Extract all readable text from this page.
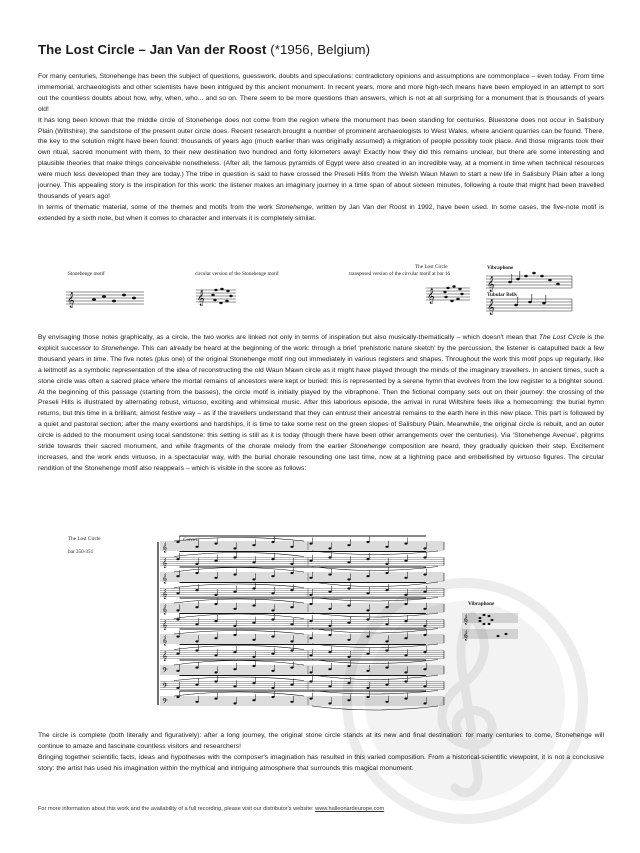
The Lost Circle – Jan Van der Roost (*1956, Belgium)

For many centuries, Stonehenge has been the subject of questions, guesswork, doubts and speculations: contradictory opinions and assumptions are commonplace – even today. From time immemorial, archaeologists and other scientists have been intrigued by this ancient monument. In recent years, more and more high-tech means have been employed in an attempt to sort out the countless doubts about how, why, when, who... and so on. There seem to be more questions than answers, which is not at all surprising for a monument that is thousands of years old!
It has long been known that the middle circle of Stonehenge does not come from the region where the monument has been standing for centuries. Bluestone does not occur in Salisbury Plain (Wiltshire); the sandstone of the present outer circle does. Recent research brought a number of prominent archaeologists to West Wales, where ancient quarries can be found. There, the key to the solution might have been found: thousands of years ago (much earlier than was originally assumed) a migration of people possibly took place. And those migrants took their own ritual, sacred monument with them, to their new destination two hundred and forty kilometers away! Exactly how they did this remains unclear, but there are some interesting and plausible theories that make things conceivable nonetheless. (After all, the famous pyramids of Egypt were also created in an incredible way, at a moment in time when technical resources were much less developed than they are today.) The tribe in question is said to have crossed the Preseli Hills from the Welsh Waun Mawn to start a new life in Salisbury Plain after a long journey. This appealing story is the inspiration for this work: the listener makes an imaginary journey in a time span of about sixteen minutes, following a route that might had been travelled thousands of years ago!
In terms of thematic material, some of the themes and motifs from the work Stonehenge, written by Jan Van der Roost in 1992, have been used. In some cases, the five-note motif is extended by a sixth note, but when it comes to character and intervals it is completely similar.

Stonehenge motif	circular version of the Stonehenge motif
The Lost Circle
transposed version of the circular motif at bar 16
Vibraphone
Tubular Bells
𝄞	𝄞	𝄞
𝄞
𝄞

By envisaging those notes graphically, as a circle, the two works are linked not only in terms of inspiration but also musically-thematically – which doesn't mean that The Lost Circle is the explicit successor to Stonehenge. This can already be heard at the beginning of the work: through a brief ‘prehistoric nature sketch’ by the percussion, the listener is catapulted back a few thousand years in time. The five notes (plus one) of the original Stonehenge motif ring out immediately in various registers and shapes. Throughout the work this motif pops up regularly, like a leitmotif as a symbolic representation of the idea of reconstructing the old Waun Mawn circle as it might have played through the minds of the imaginary travellers. In ancient times, such a stone circle was often a sacred place where the mortal remains of ancestors were kept or buried: this is represented by a serene hymn that evolves from the low register to a brighter sound. At the beginning of this passage (starting from the basses), the circle motif is initially played by the vibraphone. Then the fictional company sets out on their journey: the crossing of the Preseli Hills is illustrated by alternating robust, virtuoso, exciting and whimsical music. After this laborious episode, the arrival in rural Wiltshire feels like a homecoming: the burial hymn returns, but this time in a brilliant, almost festive way – as if the travellers understand that they can entrust their ancestral remains to the earth here in this new place. This part is followed by a quiet and pastoral section: after the many exertions and hardships, it is time to take some rest on the green slopes of Salisbury Plain. Meanwhile, the original circle is rebuilt, and an outer circle is added to the monument using local sandstone: this setting is still as it is today (though there have been other arrangements over the centuries). Via ‘Stonehenge Avenue’, pilgrims stride towards their sacred monument, and while fragments of the chorale melody from the earlier Stonehenge composition are heard, they gradually quicken their step. Excitement increases, and the work ends virtuoso, in a spectacular way, with the burial chorale resounding one last time, now at a lightning pace and embellished by virtuoso figures. The circular rendition of the Stonehenge motif also reappears – which is visible in the score as follows:

The Lost Circle
bar 350-351
Cornets
Vibraphone
𝄞
𝄞
𝄞
𝄞
𝄞
𝄞
𝄞
𝄞
𝄢
𝄢
𝄢
𝄞
𝄞

The circle is complete (both literally and figuratively): after a long journey, the original stone circle stands at its new and final destination: for many centuries to come, Stonehenge will continue to amaze and fascinate countless visitors and researchers!
Bringing together scientific facts, ideas and hypotheses with the composer's imagination has resulted in this varied composition. From a historical-scientific viewpoint, it is not a conclusive story: the artist has used his imagination within the mythical and intriguing atmosphere that surrounds this magical monument.

For more information about this work and the availability of a full recording, please visit our distributor's website: www.halleonardeurope.com
